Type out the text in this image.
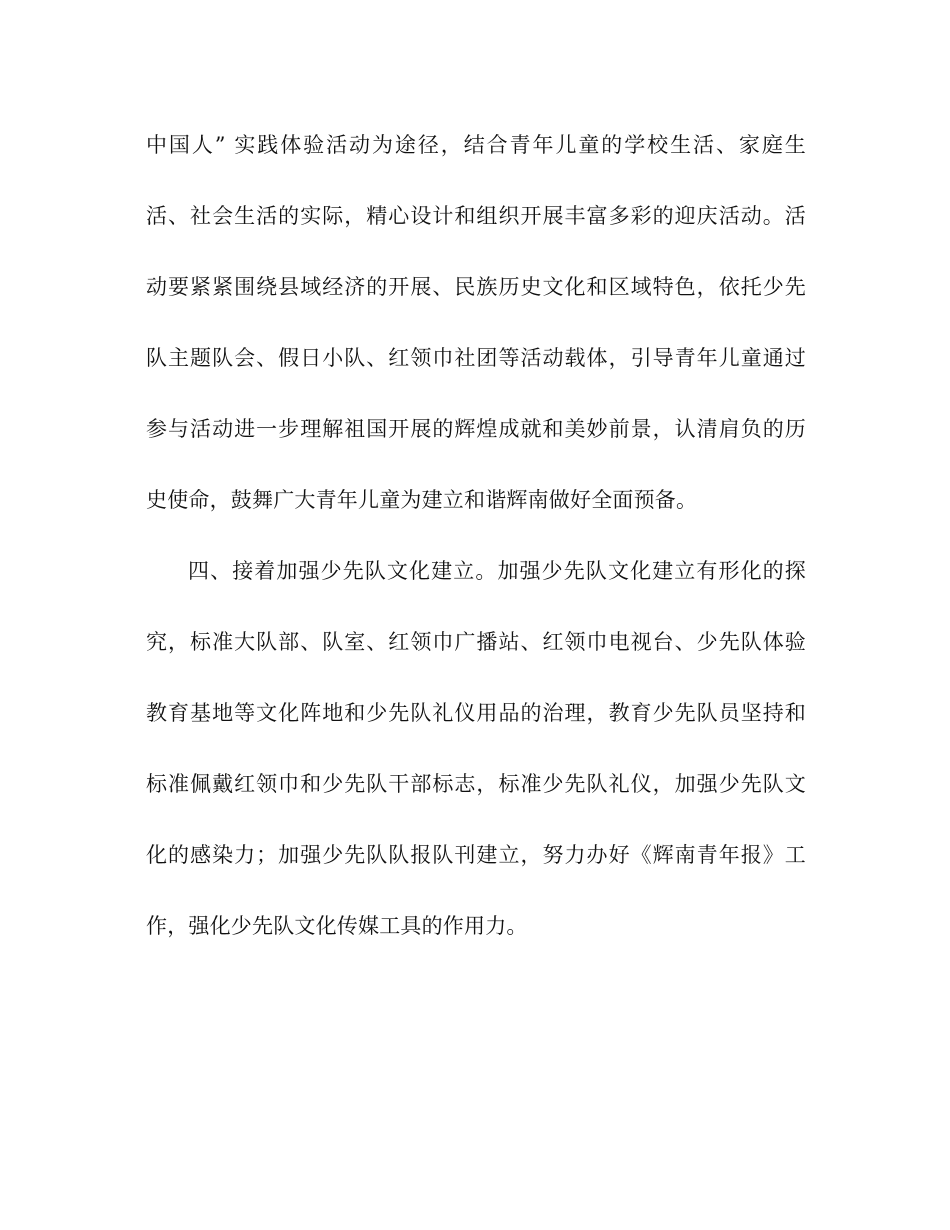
中国人” 实践体验活动为途径，结合青年儿童的学校生活、家庭生
活、社会生活的实际，精心设计和组织开展丰富多彩的迎庆活动。活
动要紧紧围绕县域经济的开展、民族历史文化和区域特色，依托少先
队主题队会、假日小队、红领巾社团等活动载体，引导青年儿童通过
参与活动进一步理解祖国开展的辉煌成就和美妙前景，认清肩负的历
史使命，鼓舞广大青年儿童为建立和谐辉南做好全面预备。
四、接着加强少先队文化建立。加强少先队文化建立有形化的探
究，标准大队部、队室、红领巾广播站、红领巾电视台、少先队体验
教育基地等文化阵地和少先队礼仪用品的治理，教育少先队员坚持和
标准佩戴红领巾和少先队干部标志，标准少先队礼仪，加强少先队文
化的感染力；加强少先队队报队刊建立，努力办好《辉南青年报》工
作，强化少先队文化传媒工具的作用力。
